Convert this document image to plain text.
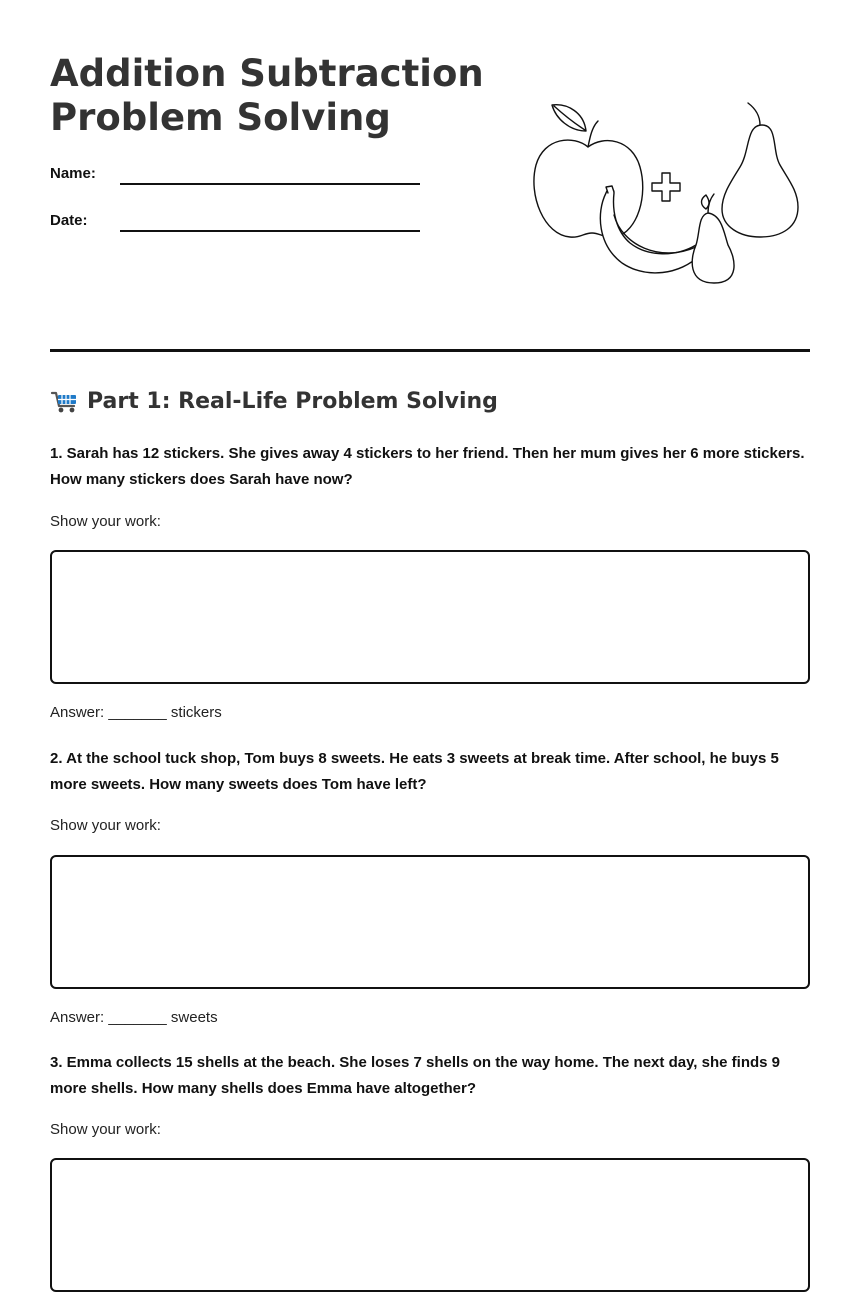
Addition Subtraction
Problem Solving
Name:
Date:
Part 1: Real-Life Problem Solving

1. Sarah has 12 stickers. She gives away 4 stickers to her friend. Then her mum gives her 6 more stickers. How many stickers does Sarah have now?

Show your work:
Answer: _______ stickers

2. At the school tuck shop, Tom buys 8 sweets. He eats 3 sweets at break time. After school, he buys 5 more sweets. How many sweets does Tom have left?

Show your work:
Answer: _______ sweets

3. Emma collects 15 shells at the beach. She loses 7 shells on the way home. The next day, she finds 9 more shells. How many shells does Emma have altogether?

Show your work:
